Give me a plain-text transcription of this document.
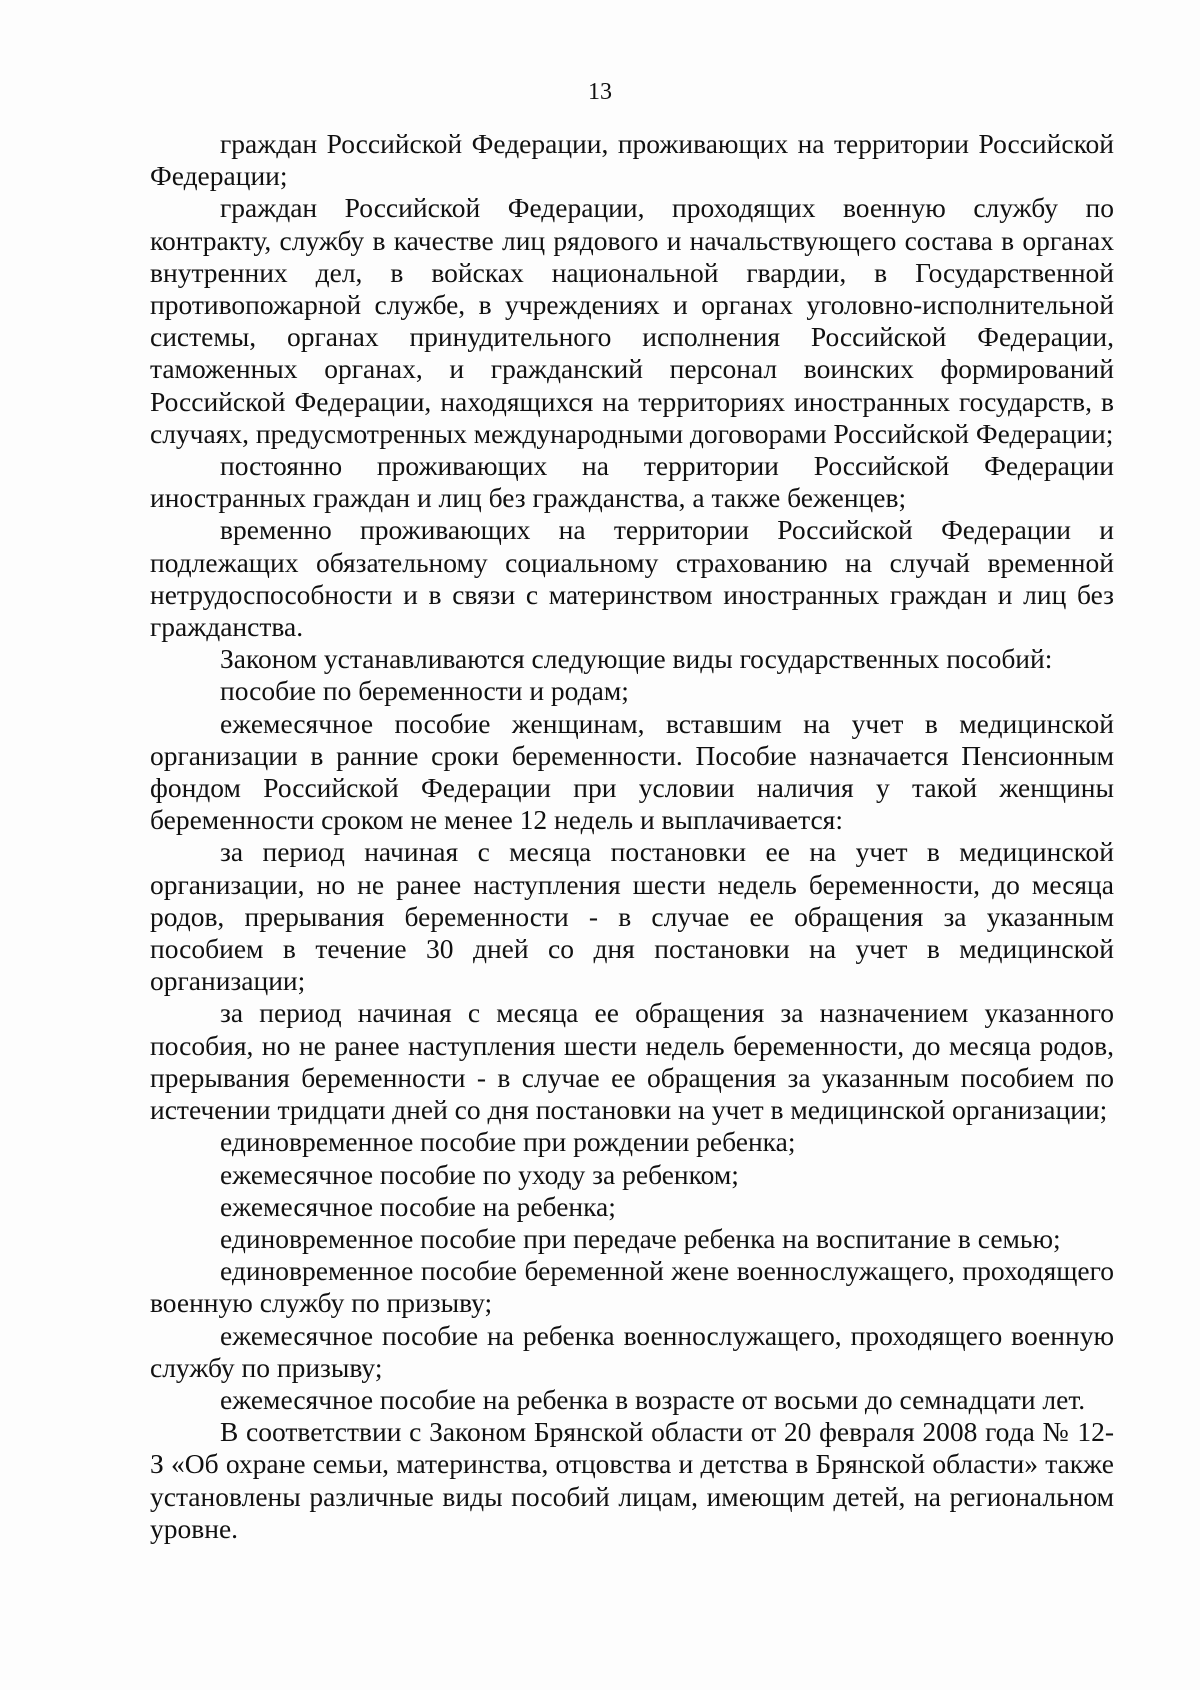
13

граждан Российской Федерации, проживающих на территории Российской Федерации;

граждан Российской Федерации, проходящих военную службу по контракту, службу в качестве лиц рядового и начальствующего состава в органах внутренних дел, в войсках национальной гвардии, в Государственной противопожарной службе, в учреждениях и органах уголовно-исполнительной системы, органах принудительного исполнения Российской Федерации, таможенных органах, и гражданский персонал воинских формирований Российской Федерации, находящихся на территориях иностранных государств, в случаях, предусмотренных международными договорами Российской Федерации;

постоянно проживающих на территории Российской Федерации иностранных граждан и лиц без гражданства, а также беженцев;

временно проживающих на территории Российской Федерации и подлежащих обязательному социальному страхованию на случай временной нетрудоспособности и в связи с материнством иностранных граждан и лиц без гражданства.

Законом устанавливаются следующие виды государственных пособий:

пособие по беременности и родам;

ежемесячное пособие женщинам, вставшим на учет в медицинской организации в ранние сроки беременности. Пособие назначается Пенсионным фондом Российской Федерации при условии наличия у такой женщины беременности сроком не менее 12 недель и выплачивается:

за период начиная с месяца постановки ее на учет в медицинской организации, но не ранее наступления шести недель беременности, до месяца родов, прерывания беременности - в случае ее обращения за указанным пособием в течение 30 дней со дня постановки на учет в медицинской организации;

за период начиная с месяца ее обращения за назначением указанного пособия, но не ранее наступления шести недель беременности, до месяца родов, прерывания беременности - в случае ее обращения за указанным пособием по истечении тридцати дней со дня постановки на учет в медицинской организации;

единовременное пособие при рождении ребенка;

ежемесячное пособие по уходу за ребенком;

ежемесячное пособие на ребенка;

единовременное пособие при передаче ребенка на воспитание в семью;

единовременное пособие беременной жене военнослужащего, проходящего военную службу по призыву;

ежемесячное пособие на ребенка военнослужащего, проходящего военную службу по призыву;

ежемесячное пособие на ребенка в возрасте от восьми до семнадцати лет.

В соответствии с Законом Брянской области от 20 февраля 2008 года № 12-З «Об охране семьи, материнства, отцовства и детства в Брянской области» также установлены различные виды пособий лицам, имеющим детей, на региональном уровне.
